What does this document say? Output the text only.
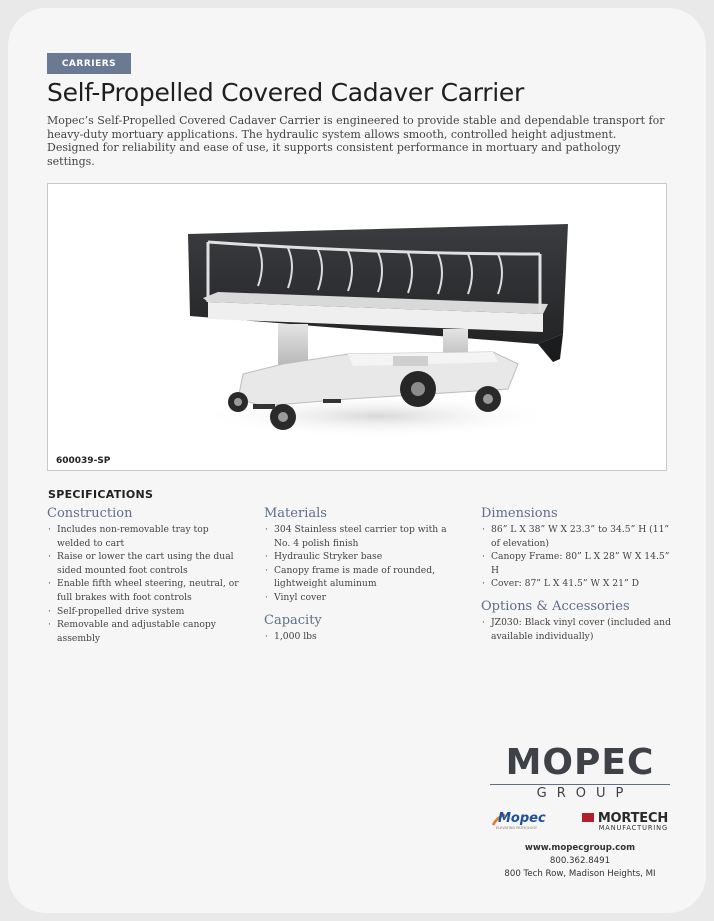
CARRIERS
Self-Propelled Covered Cadaver Carrier

Mopec’s Self-Propelled Covered Cadaver Carrier is engineered to provide stable and dependable transport for heavy-duty mortuary applications. The hydraulic system allows smooth, controlled height adjustment. Designed for reliability and ease of use, it supports consistent performance in mortuary and pathology settings.

600039-SP
SPECIFICATIONS
Construction
· Includes non-removable tray top welded to cart
· Raise or lower the cart using the dual sided mounted foot controls
· Enable fifth wheel steering, neutral, or full brakes with foot controls
· Self-propelled drive system
· Removable and adjustable canopy assembly
Materials
· 304 Stainless steel carrier top with a No. 4 polish finish
· Hydraulic Stryker base
· Canopy frame is made of rounded, lightweight aluminum
· Vinyl cover
Capacity
· 1,000 lbs
Dimensions
· 86” L X 38” W X 23.3” to 34.5” H (11” of elevation)
· Canopy Frame: 80” L X 28” W X 14.5” H
· Cover: 87” L X 41.5” W X 21” D
Options & Accessories
· JZ030: Black vinyl cover (included and available individually)
MOPEC
GROUP
Mopec
ELEVATING PATHOLOGY
MORTECH
MANUFACTURING
www.mopecgroup.com
800.362.8491
800 Tech Row, Madison Heights, MI
